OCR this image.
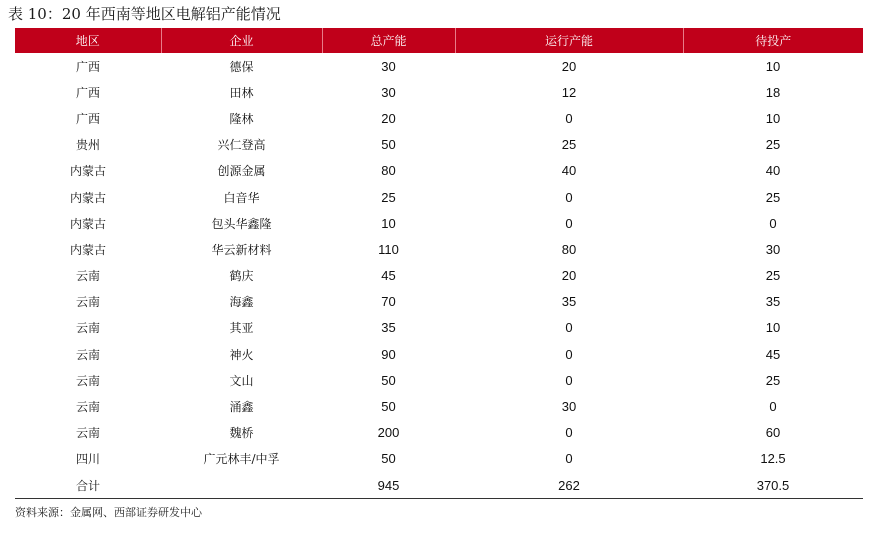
表 10：20 年西南等地区电解铝产能情况
地区	企业	总产能	运行产能	待投产
广西	德保	30	20	10
广西	田林	30	12	18
广西	隆林	20	0	10
贵州	兴仁登高	50	25	25
内蒙古	创源金属	80	40	40
内蒙古	白音华	25	0	25
内蒙古	包头华鑫隆	10	0	0
内蒙古	华云新材料	110	80	30
云南	鹤庆	45	20	25
云南	海鑫	70	35	35
云南	其亚	35	0	10
云南	神火	90	0	45
云南	文山	50	0	25
云南	涌鑫	50	30	0
云南	魏桥	200	0	60
四川	广元林丰/中孚	50	0	12.5
合计		945	262	370.5
资料来源：金属网、西部证券研发中心
